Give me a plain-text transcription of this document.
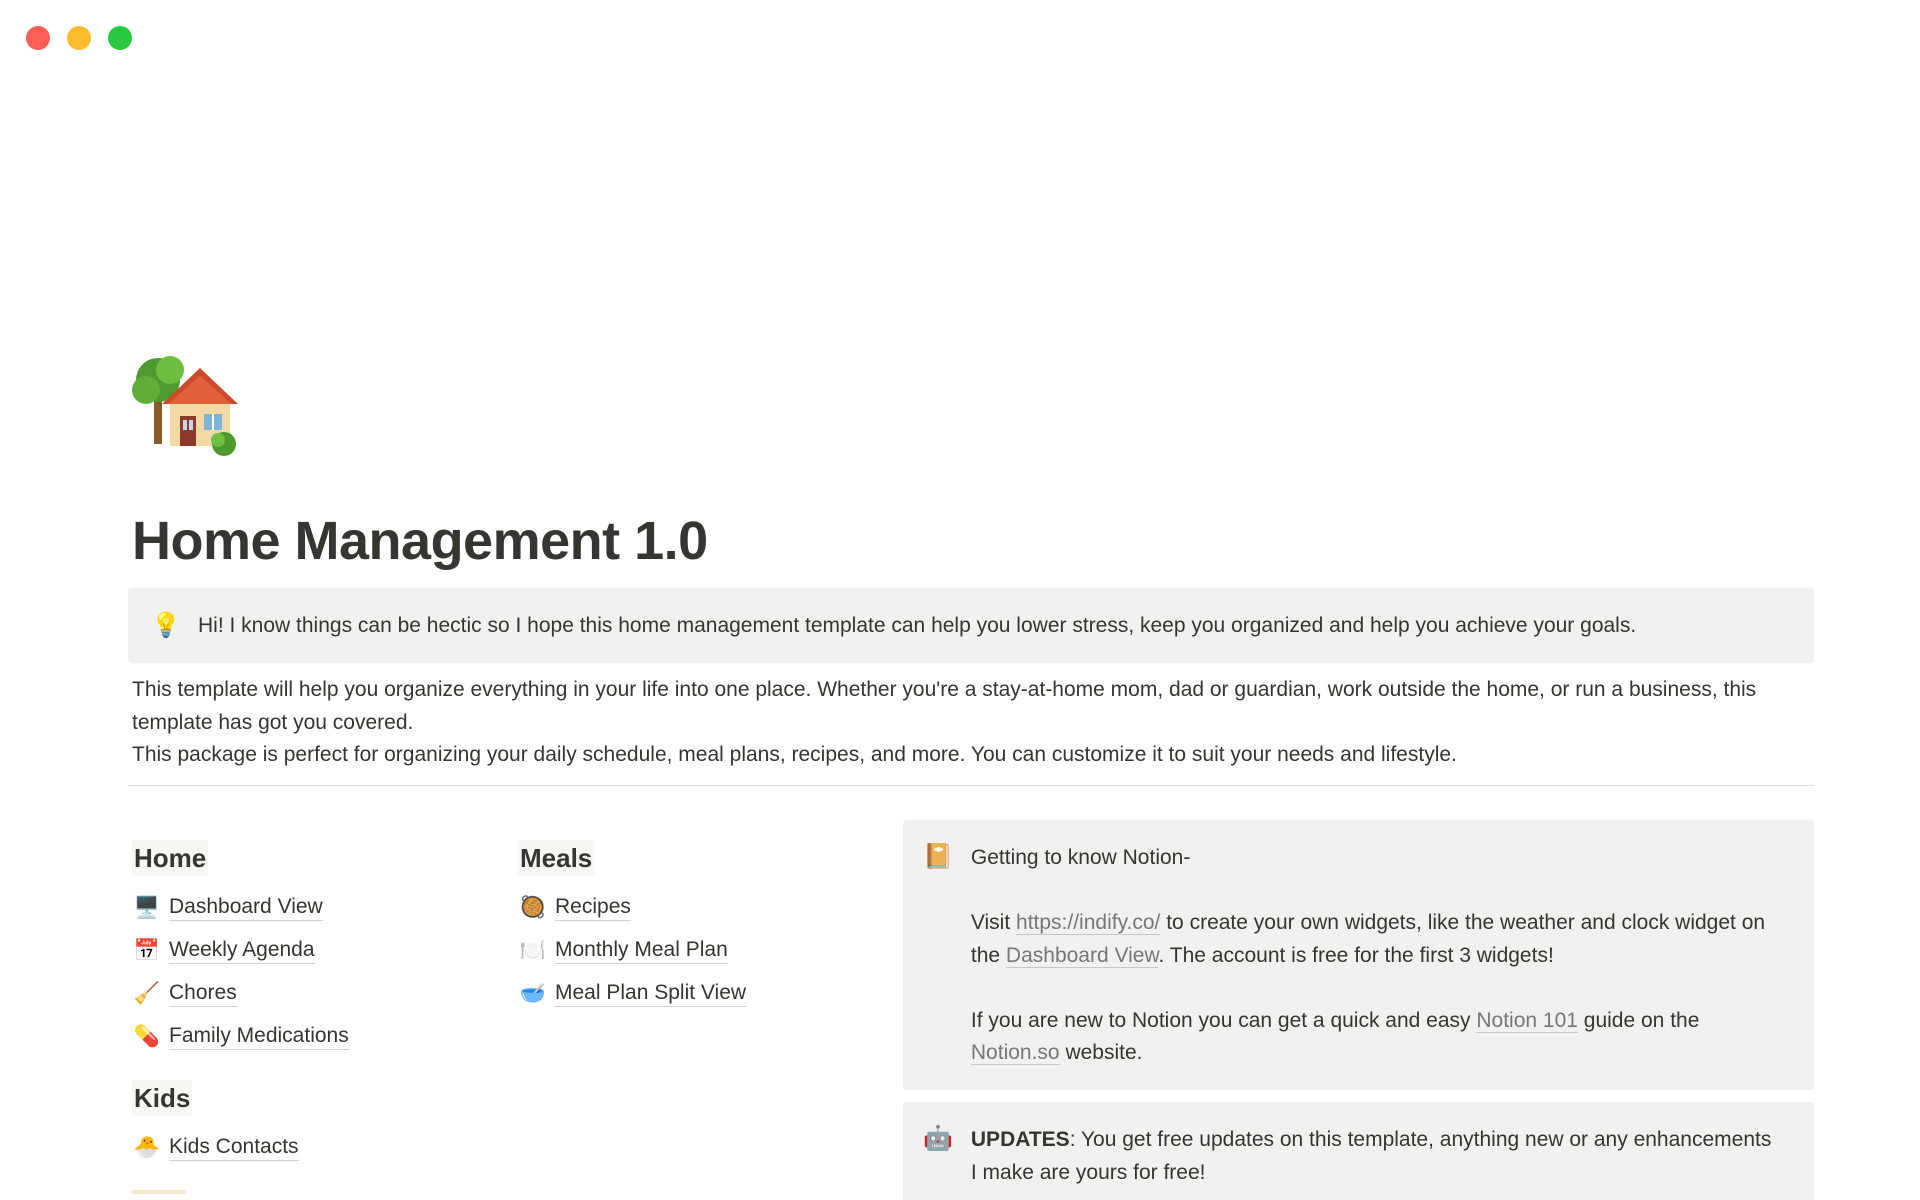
Home Management 1.0
💡 Hi! I know things can be hectic so I hope this home management template can help you lower stress, keep you organized and help you achieve your goals.
This template will help you organize everything in your life into one place. Whether you're a stay-at-home mom, dad or guardian, work outside the home, or run a business, this template has got you covered.
This package is perfect for organizing your daily schedule, meal plans, recipes, and more. You can customize it to suit your needs and lifestyle.
Home
🖥️ Dashboard View
📅 Weekly Agenda
🧹 Chores
💊 Family Medications
Kids
🐣 Kids Contacts
Meals
🥘 Recipes
🍽️ Monthly Meal Plan
🥣 Meal Plan Split View
📔 Getting to know Notion-

Visit https://indify.co/ to create your own widgets, like the weather and clock widget on the Dashboard View. The account is free for the first 3 widgets!

If you are new to Notion you can get a quick and easy Notion 101 guide on the Notion.so website.

🤖 UPDATES: You get free updates on this template, anything new or any enhancements I make are yours for free!
